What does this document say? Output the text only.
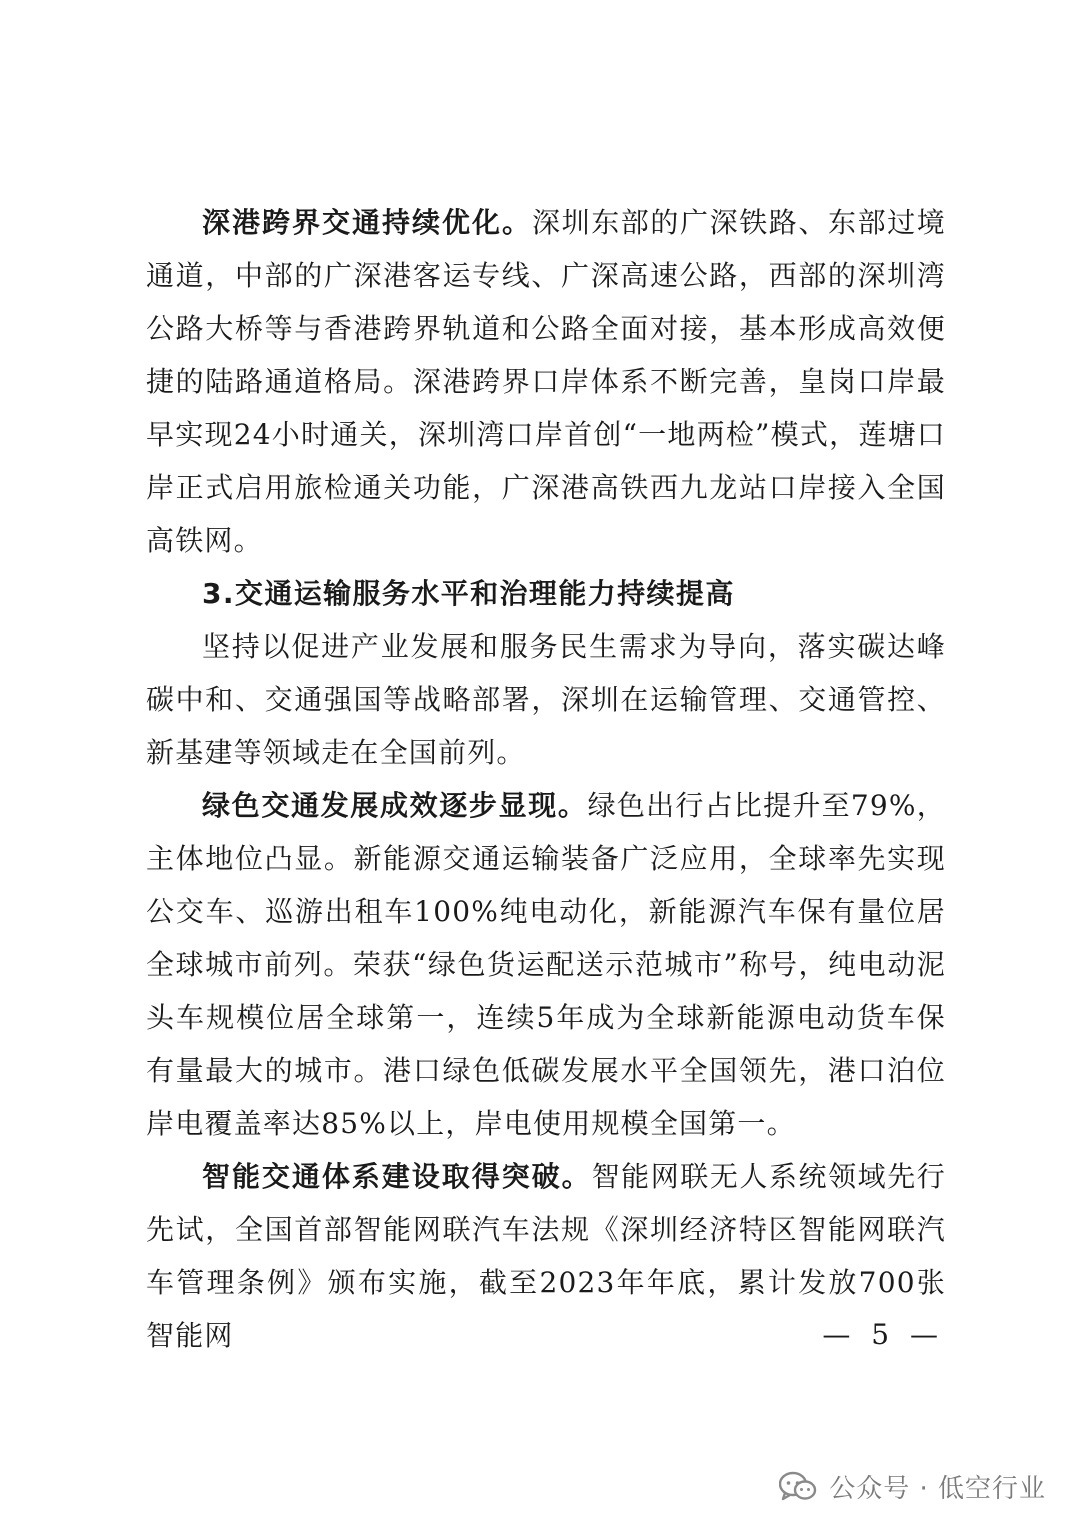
深港跨界交通持续优化。深圳东部的广深铁路、东部过境通道，中部的广深港客运专线、广深高速公路，西部的深圳湾公路大桥等与香港跨界轨道和公路全面对接，基本形成高效便捷的陆路通道格局。深港跨界口岸体系不断完善，皇岗口岸最早实现24小时通关，深圳湾口岸首创“一地两检”模式，莲塘口岸正式启用旅检通关功能，广深港高铁西九龙站口岸接入全国高铁网。

3.交通运输服务水平和治理能力持续提高

坚持以促进产业发展和服务民生需求为导向，落实碳达峰碳中和、交通强国等战略部署，深圳在运输管理、交通管控、新基建等领域走在全国前列。

绿色交通发展成效逐步显现。绿色出行占比提升至79%，主体地位凸显。新能源交通运输装备广泛应用，全球率先实现公交车、巡游出租车100%纯电动化，新能源汽车保有量位居全球城市前列。荣获“绿色货运配送示范城市”称号，纯电动泥头车规模位居全球第一，连续5年成为全球新能源电动货车保有量最大的城市。港口绿色低碳发展水平全国领先，港口泊位岸电覆盖率达85%以上，岸电使用规模全国第一。

智能交通体系建设取得突破。智能网联无人系统领域先行先试，全国首部智能网联汽车法规《深圳经济特区智能网联汽车管理条例》颁布实施，截至2023年年底，累计发放700张智能网	— 5 —
公众号 · 低空行业
